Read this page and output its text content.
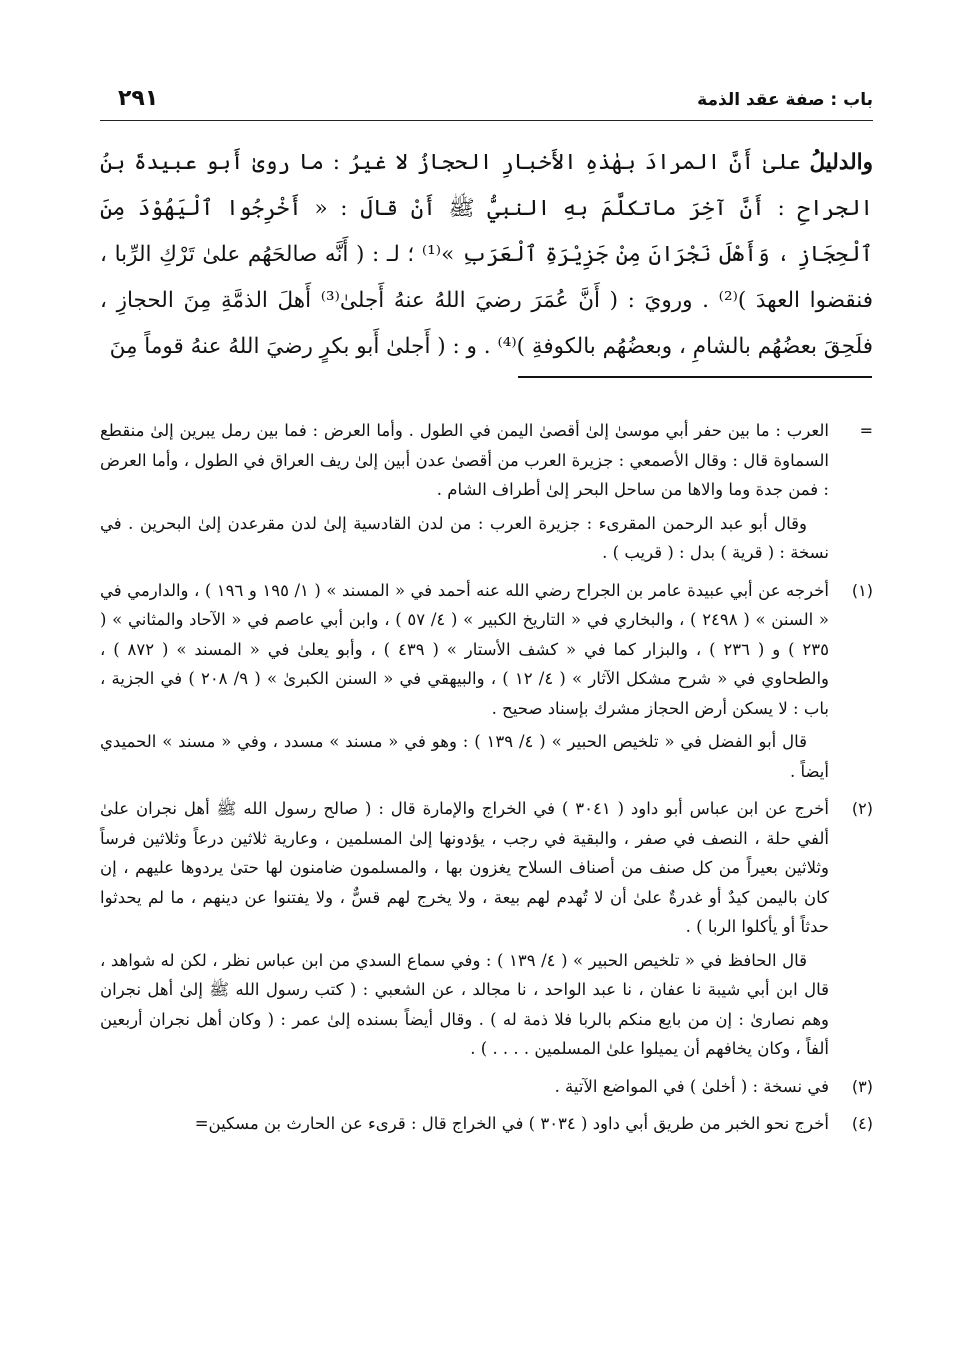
باب : صفة عقد الذمة
٢٩١

والدليلُ علىٰ أَنَّ المرادَ بهٰذهِ الأَخبارِ الحجازُ لا غيرُ : ما روىٰ أَبو عبيدةَ بنُ الجراحِ : أَنَّ آخِرَ ماتكلَّمَ بهِ النبيُّ ﷺ أَنْ قالَ : « أَخْرِجُوا ٱلْيَهُوْدَ مِنَ ٱلْحِجَازِ ، وَأَهْلَ نَجْرَانَ مِنْ جَزِيْرَةِ ٱلْعَرَبِ »⁽¹⁾ ؛ لـ : ( أَنَّه صالحَهُم علىٰ تَرْكِ الرِّبا ، فنقضوا العهدَ )⁽²⁾ . ورويَ : ( أَنَّ عُمَرَ رضيَ اللهُ عنهُ أَجلىٰ⁽³⁾ أَهلَ الذمَّةِ مِنَ الحجازِ ، فلَحِقَ بعضُهُم بالشامِ ، وبعضُهُم بالكوفةِ )⁽⁴⁾ . و : ( أَجلىٰ أَبو بكرٍ رضيَ اللهُ عنهُ قوماً مِنَ

=

العرب : ما بين حفر أبي موسىٰ إلىٰ أقصىٰ اليمن في الطول . وأما العرض : فما بين رمل يبرين إلىٰ منقطع السماوة قال : وقال الأصمعي : جزيرة العرب من أقصىٰ عدن أبين إلىٰ ريف العراق في الطول ، وأما العرض : فمن جدة وما والاها من ساحل البحر إلىٰ أطراف الشام .

وقال أبو عبد الرحمن المقرىء : جزيرة العرب : من لدن القادسية إلىٰ لدن مقرعدن إلىٰ البحرين . في نسخة : ( قرية ) بدل : ( قريب ) .

(١)

أخرجه عن أبي عبيدة عامر بن الجراح رضي الله عنه أحمد في « المسند » ( ١/ ١٩٥ و ١٩٦ ) ، والدارمي في « السنن » ( ٢٤٩٨ ) ، والبخاري في « التاريخ الكبير » ( ٤/ ٥٧ ) ، وابن أبي عاصم في « الآحاد والمثاني » ( ٢٣٥ ) و ( ٢٣٦ ) ، والبزار كما في « كشف الأستار » ( ٤٣٩ ) ، وأبو يعلىٰ في « المسند » ( ٨٧٢ ) ، والطحاوي في « شرح مشكل الآثار » ( ٤/ ١٢ ) ، والبيهقي في « السنن الكبرىٰ » ( ٩/ ٢٠٨ ) في الجزية ، باب : لا يسكن أرض الحجاز مشرك بإسناد صحيح .

قال أبو الفضل في « تلخيص الحبير » ( ٤/ ١٣٩ ) : وهو في « مسند » مسدد ، وفي « مسند » الحميدي أيضاً .

(٢)

أخرج عن ابن عباس أبو داود ( ٣٠٤١ ) في الخراج والإمارة قال : ( صالح رسول الله ﷺ أهل نجران علىٰ ألفي حلة ، النصف في صفر ، والبقية في رجب ، يؤدونها إلىٰ المسلمين ، وعارية ثلاثين درعاً وثلاثين فرساً وثلاثين بعيراً من كل صنف من أصناف السلاح يغزون بها ، والمسلمون ضامنون لها حتىٰ يردوها عليهم ، إن كان باليمن كيدٌ أو غدرةٌ علىٰ أن لا تُهدم لهم بيعة ، ولا يخرج لهم قسٌّ ، ولا يفتنوا عن دينهم ، ما لم يحدثوا حدثاً أو يأكلوا الربا ) .

قال الحافظ في « تلخيص الحبير » ( ٤/ ١٣٩ ) : وفي سماع السدي من ابن عباس نظر ، لكن له شواهد ، قال ابن أبي شيبة نا عفان ، نا عبد الواحد ، نا مجالد ، عن الشعبي : ( كتب رسول الله ﷺ إلىٰ أهل نجران وهم نصارىٰ : إن من بايع منكم بالربا فلا ذمة له ) . وقال أيضاً بسنده إلىٰ عمر : ( وكان أهل نجران أربعين ألفاً ، وكان يخافهم أن يميلوا علىٰ المسلمين . . . . ) .

(٣)

في نسخة : ( أخلىٰ ) في المواضع الآتية .

(٤)

أخرج نحو الخبر من طريق أبي داود ( ٣٠٣٤ ) في الخراج قال : قرىء عن الحارث بن مسكين=
